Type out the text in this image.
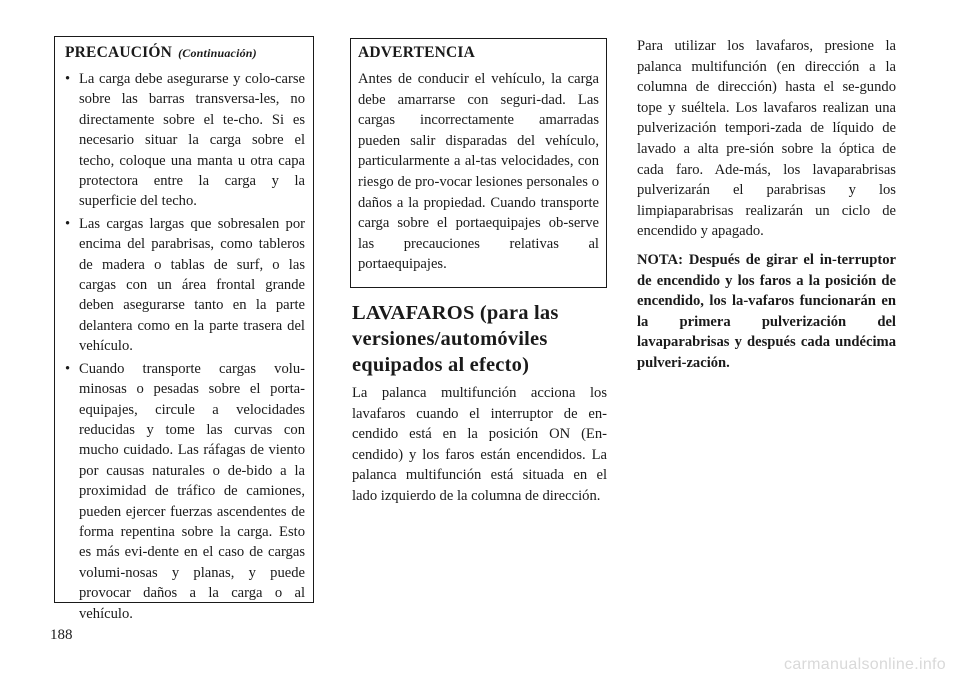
PRECAUCIÓN (Continuación)
• La carga debe asegurarse y colo-carse sobre las barras transversa-les, no directamente sobre el te-cho. Si es necesario situar la carga sobre el techo, coloque una manta u otra capa protectora entre la carga y la superficie del techo.
• Las cargas largas que sobresalen por encima del parabrisas, como tableros de madera o tablas de surf, o las cargas con un área frontal grande deben asegurarse tanto en la parte delantera como en la parte trasera del vehículo.
• Cuando transporte cargas volu-minosas o pesadas sobre el porta-equipajes, circule a velocidades reducidas y tome las curvas con mucho cuidado. Las ráfagas de viento por causas naturales o de-bido a la proximidad de tráfico de camiones, pueden ejercer fuerzas ascendentes de forma repentina sobre la carga. Esto es más evi-dente en el caso de cargas volumi-nosas y planas, y puede provocar daños a la carga o al vehículo.
ADVERTENCIA
Antes de conducir el vehículo, la carga debe amarrarse con seguri-dad. Las cargas incorrectamente amarradas pueden salir disparadas del vehículo, particularmente a al-tas velocidades, con riesgo de pro-vocar lesiones personales o daños a la propiedad. Cuando transporte carga sobre el portaequipajes ob-serve las precauciones relativas al portaequipajes.
LAVAFAROS (para las versiones/automóviles equipados al efecto)
La palanca multifunción acciona los lavafaros cuando el interruptor de en-cendido está en la posición ON (En-cendido) y los faros están encendidos. La palanca multifunción está situada en el lado izquierdo de la columna de dirección.
Para utilizar los lavafaros, presione la palanca multifunción (en dirección a la columna de dirección) hasta el se-gundo tope y suéltela. Los lavafaros realizan una pulverización tempori-zada de líquido de lavado a alta pre-sión sobre la óptica de cada faro. Ade-más, los lavaparabrisas pulverizarán el parabrisas y los limpiaparabrisas realizarán un ciclo de encendido y apagado.
NOTA: Después de girar el in-terruptor de encendido y los faros a la posición de encendido, los la-vafaros funcionarán en la primera pulverización del lavaparabrisas y después cada undécima pulveri-zación.
188
carmanualsonline.info
